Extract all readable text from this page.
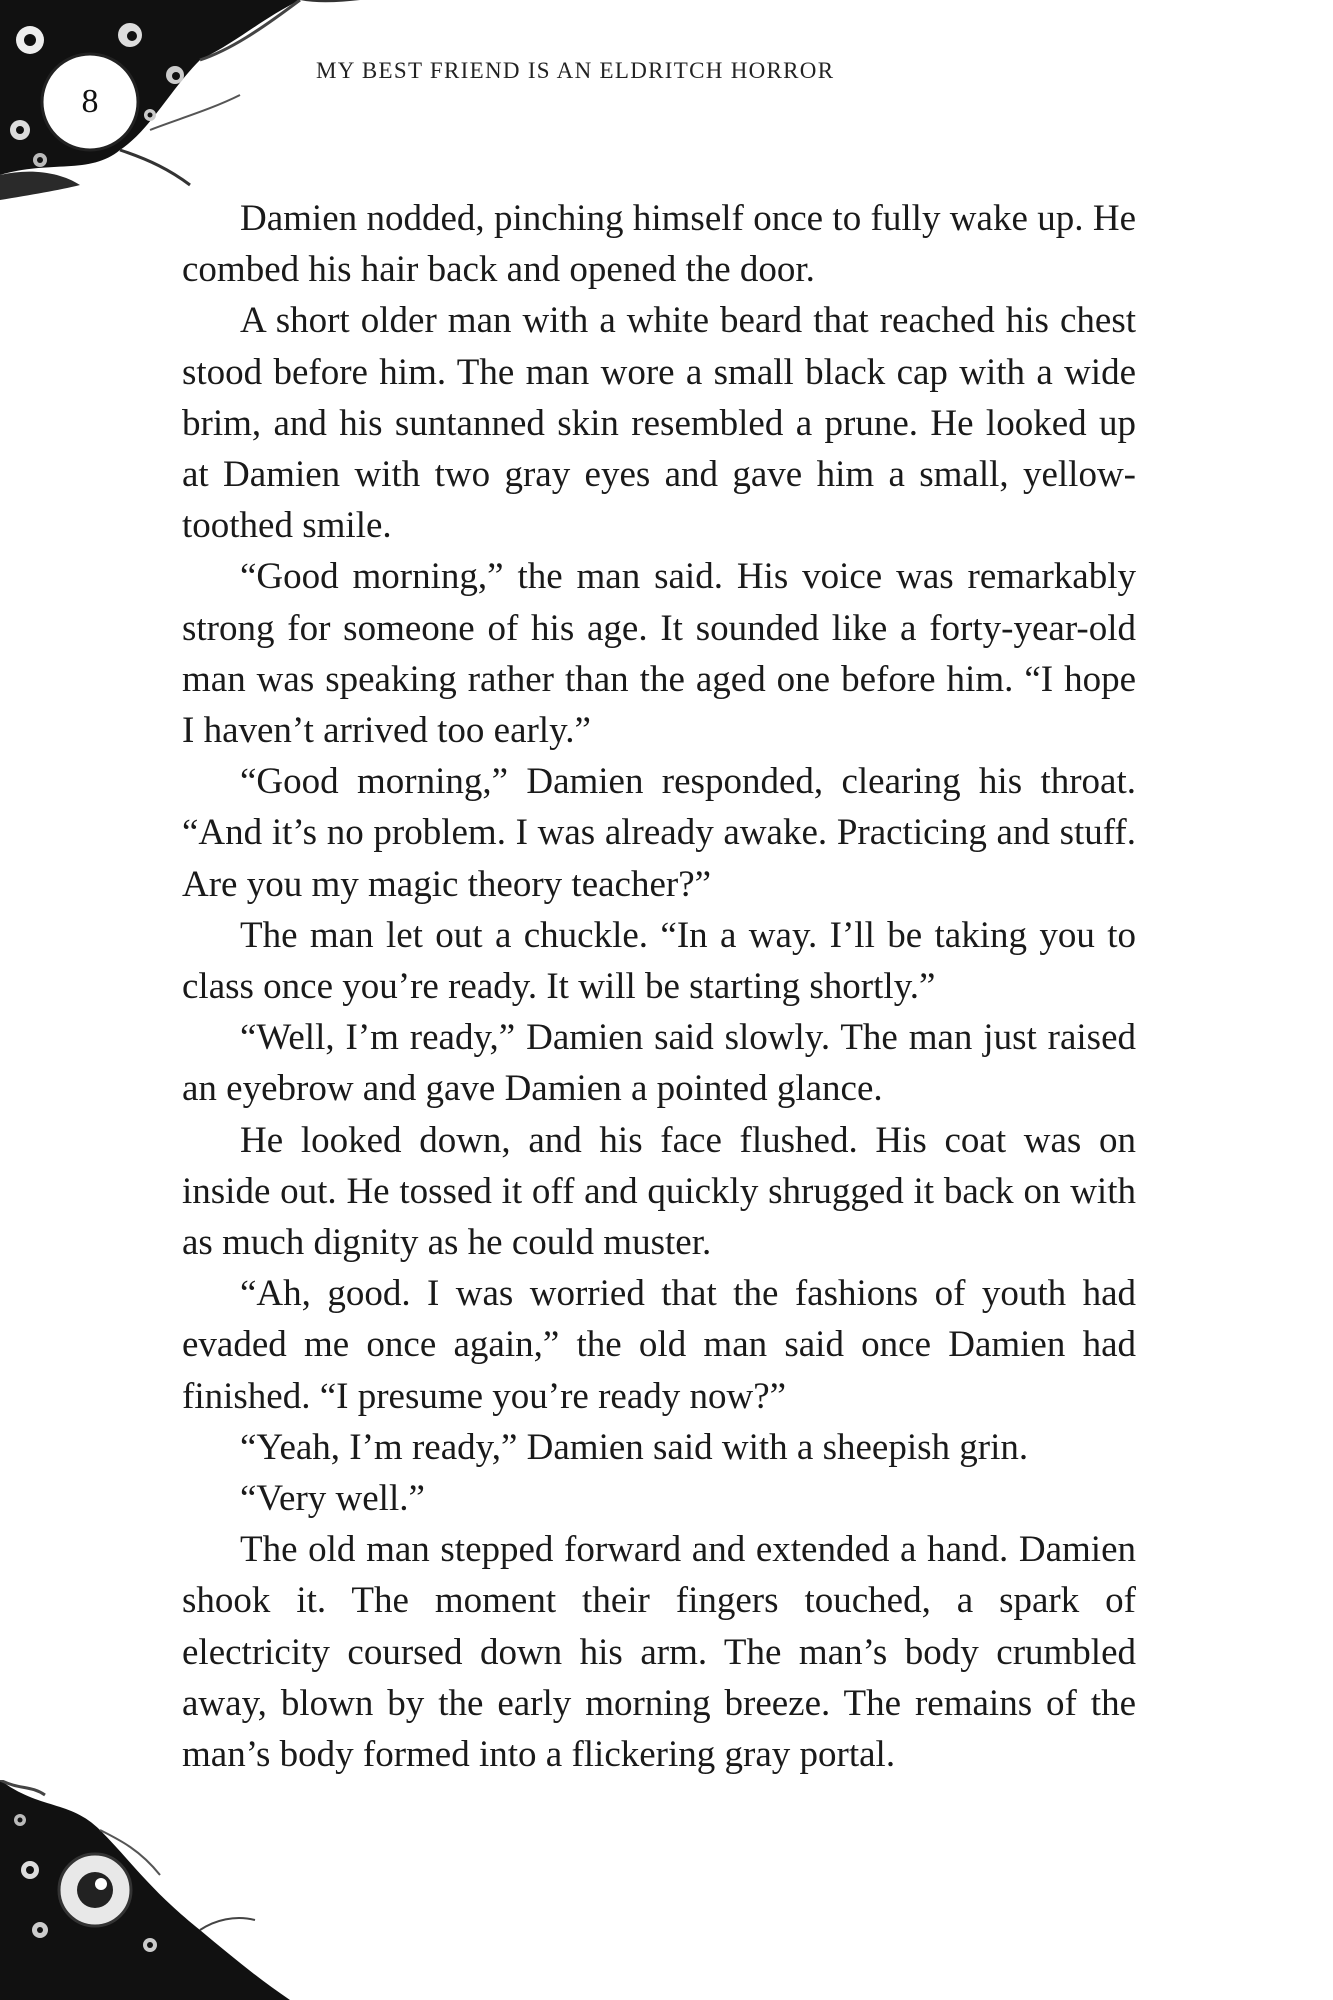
8
MY BEST FRIEND IS AN ELDRITCH HORROR

Damien nodded, pinching himself once to fully wake up. He combed his hair back and opened the door.

A short older man with a white beard that reached his chest stood before him. The man wore a small black cap with a wide brim, and his suntanned skin resembled a prune. He looked up at Damien with two gray eyes and gave him a small, yellow-toothed smile.

“Good morning,” the man said. His voice was remarkably strong for someone of his age. It sounded like a forty-year-old man was speaking rather than the aged one before him. “I hope I haven’t arrived too early.”

“Good morning,” Damien responded, clearing his throat. “And it’s no problem. I was already awake. Practicing and stuff. Are you my magic theory teacher?”

The man let out a chuckle. “In a way. I’ll be taking you to class once you’re ready. It will be starting shortly.”

“Well, I’m ready,” Damien said slowly. The man just raised an eyebrow and gave Damien a pointed glance.

He looked down, and his face flushed. His coat was on inside out. He tossed it off and quickly shrugged it back on with as much dignity as he could muster.

“Ah, good. I was worried that the fashions of youth had evaded me once again,” the old man said once Damien had finished. “I presume you’re ready now?”

“Yeah, I’m ready,” Damien said with a sheepish grin.

“Very well.”

The old man stepped forward and extended a hand. Damien shook it. The moment their fingers touched, a spark of electricity coursed down his arm. The man’s body crumbled away, blown by the early morning breeze. The remains of the man’s body formed into a flickering gray portal.
